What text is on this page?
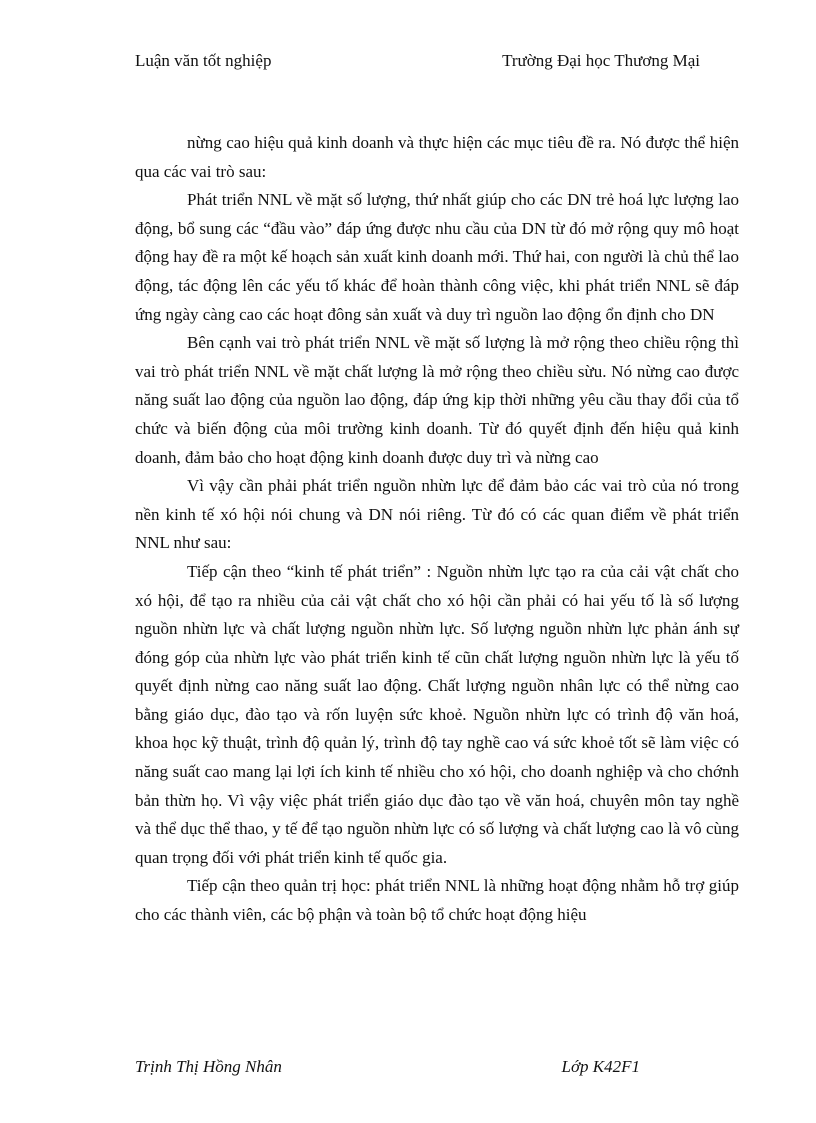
Luận văn tốt nghiệp	Trường Đại học Thương Mại

nừng cao hiệu quả kinh doanh và thực hiện các mục tiêu đề ra. Nó được thể hiện qua các vai trò sau:

Phát triển NNL về mặt số lượng, thứ nhất giúp cho các DN trẻ hoá lực lượng lao động, bổ sung các “đầu vào” đáp ứng được nhu cầu của DN từ đó mở rộng quy mô hoạt động hay đề ra một kế hoạch sản xuất kinh doanh mới. Thứ hai, con người là chủ thể lao động, tác động lên các yếu tố khác để hoàn thành công việc, khi phát triển NNL sẽ đáp ứng ngày càng cao các hoạt đông sản xuất và duy trì nguồn lao động ổn định cho DN

Bên cạnh vai trò phát triển NNL về mặt số lượng là mở rộng theo chiều rộng thì vai trò phát triển NNL về mặt chất lượng là mở rộng theo chiều sừu. Nó nừng cao được năng suất lao động của nguồn lao động, đáp ứng kịp thời những yêu cầu thay đổi của tổ chức và biến động của môi trường kinh doanh. Từ đó quyết định đến hiệu quả kinh doanh, đảm bảo cho hoạt động kinh doanh được duy trì và nừng cao

Vì vậy cần phải phát triển nguồn nhừn lực để đảm bảo các vai trò của nó trong nền kinh tế xó hội nói chung và DN nói riêng. Từ đó có các quan điểm về phát triển NNL như sau:

Tiếp cận theo “kinh tế phát triển” : Nguồn nhừn lực tạo ra của cải vật chất cho xó hội, để tạo ra nhiều của cải vật chất cho xó hội cần phải có hai yếu tố là số lượng nguồn nhừn lực và chất lượng nguồn nhừn lực. Số lượng nguồn nhừn lực phản ánh sự đóng góp của nhừn lực vào phát triển kinh tế cũn chất lượng nguồn nhừn lực là yếu tố quyết định nừng cao năng suất lao động. Chất lượng nguồn nhân lực có thể nừng cao bằng giáo dục, đào tạo và rốn luyện sức khoẻ. Nguồn nhừn lực có trình độ văn hoá, khoa học kỹ thuật, trình độ quản lý, trình độ tay nghề cao vá sức khoẻ tốt sẽ làm việc có năng suất cao mang lại lợi ích kinh tế nhiều cho xó hội, cho doanh nghiệp và cho chớnh bản thừn họ. Vì vậy việc phát triển giáo dục đào tạo về văn hoá, chuyên môn tay nghề và thể dục thể thao, y tế để tạo nguồn nhừn lực có số lượng và chất lượng cao là vô cùng quan trọng đối với phát triển kinh tế quốc gia.

Tiếp cận theo quản trị học: phát triển NNL là những hoạt động nhằm hỗ trợ giúp cho các thành viên, các bộ phận và toàn bộ tổ chức hoạt động hiệu

Trịnh Thị Hồng Nhân	Lớp K42F1
